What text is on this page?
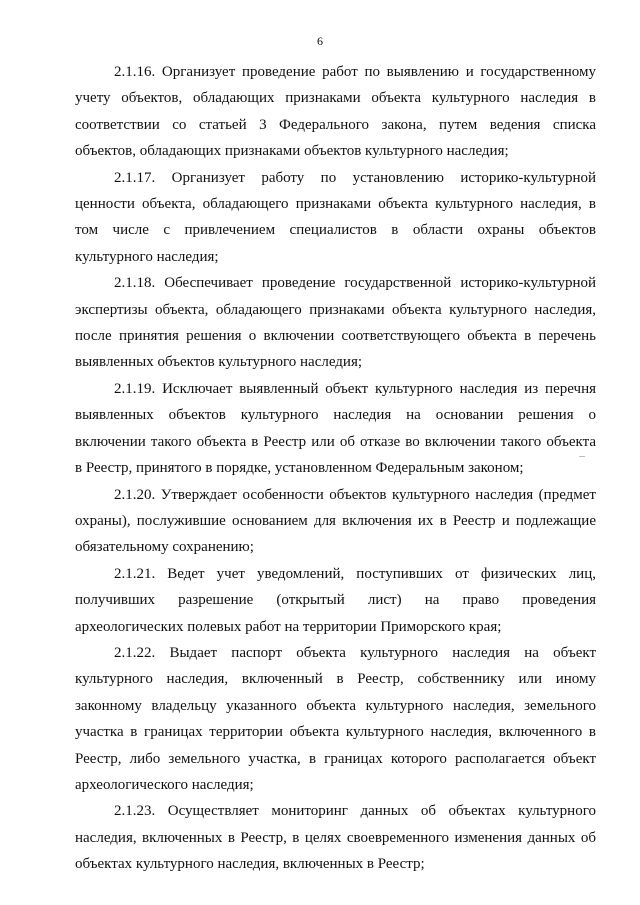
6

2.1.16. Организует проведение работ по выявлению и государственному
учету объектов, обладающих признаками объекта культурного наследия в
соответствии со статьей 3 Федерального закона, путем ведения списка
объектов, обладающих признаками объектов культурного наследия;

2.1.17. Организует работу по установлению историко-культурной
ценности объекта, обладающего признаками объекта культурного наследия, в
том числе с привлечением специалистов в области охраны объектов
культурного наследия;

2.1.18. Обеспечивает проведение государственной историко-культурной
экспертизы объекта, обладающего признаками объекта культурного наследия,
после принятия решения о включении соответствующего объекта в перечень
выявленных объектов культурного наследия;

2.1.19. Исключает выявленный объект культурного наследия из перечня
выявленных объектов культурного наследия на основании решения о
включении такого объекта в Реестр или об отказе во включении такого объекта
в Реестр, принятого в порядке, установленном Федеральным законом;

2.1.20. Утверждает особенности объектов культурного наследия (предмет
охраны), послужившие основанием для включения их в Реестр и подлежащие
обязательному сохранению;

2.1.21. Ведет учет уведомлений, поступивших от физических лиц,
получивших разрешение (открытый лист) на право проведения
археологических полевых работ на территории Приморского края;

2.1.22. Выдает паспорт объекта культурного наследия на объект
культурного наследия, включенный в Реестр, собственнику или иному
законному владельцу указанного объекта культурного наследия, земельного
участка в границах территории объекта культурного наследия, включенного в
Реестр, либо земельного участка, в границах которого располагается объект
археологического наследия;

2.1.23. Осуществляет мониторинг данных об объектах культурного
наследия, включенных в Реестр, в целях своевременного изменения данных об
объектах культурного наследия, включенных в Реестр;
